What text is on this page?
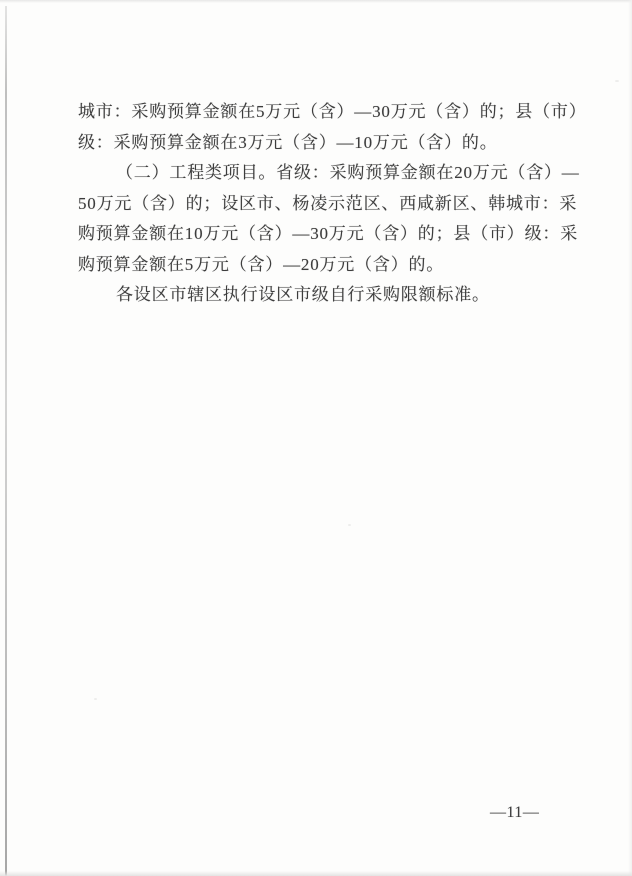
城市：采购预算金额在5万元（含）—30万元（含）的；县（市）
级：采购预算金额在3万元（含）—10万元（含）的。
（二）工程类项目。省级：采购预算金额在20万元（含）—
50万元（含）的；设区市、杨凌示范区、西咸新区、韩城市：采
购预算金额在10万元（含）—30万元（含）的；县（市）级：采
购预算金额在5万元（含）—20万元（含）的。
各设区市辖区执行设区市级自行采购限额标准。
—11—
